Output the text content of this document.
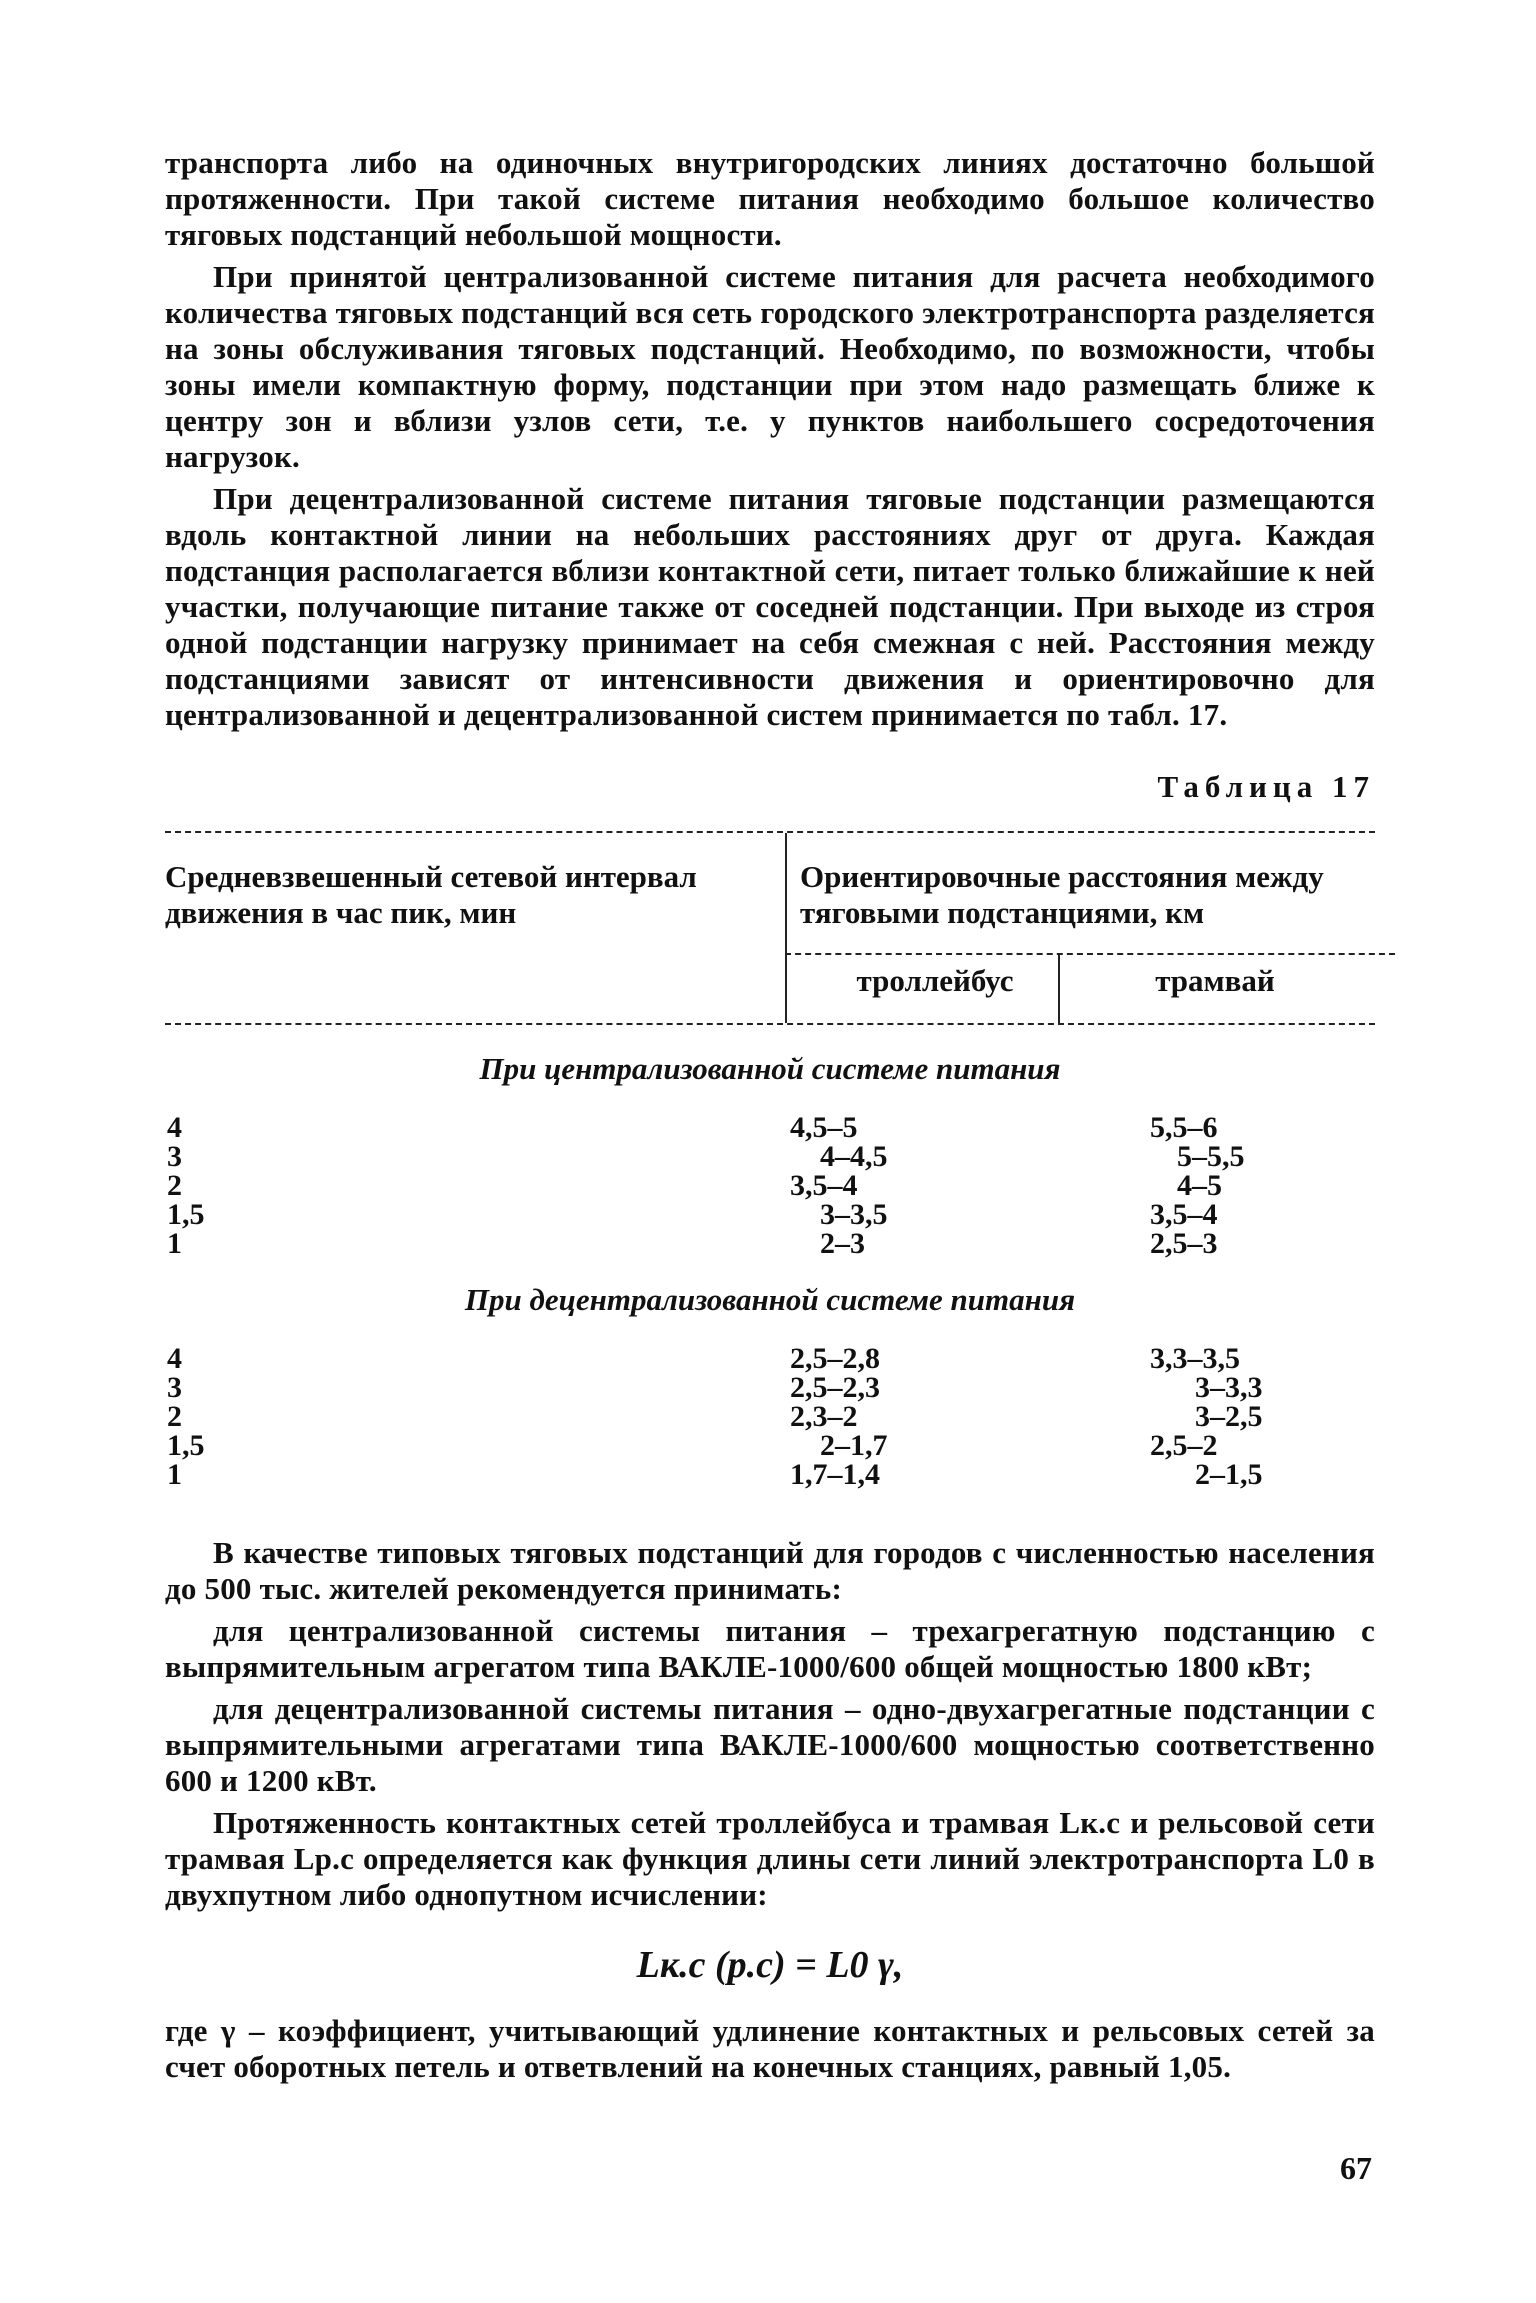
транспорта либо на одиночных внутригородских линиях достаточно большой протяженности. При такой системе питания необходимо большое количество тяговых подстанций небольшой мощности.

При принятой централизованной системе питания для расчета необходимого количества тяговых подстанций вся сеть городского электротранспорта разделяется на зоны обслуживания тяговых подстанций. Необходимо, по возможности, чтобы зоны имели компактную форму, подстанции при этом надо размещать ближе к центру зон и вблизи узлов сети, т.е. у пунктов наибольшего сосредоточения нагрузок.

При децентрализованной системе питания тяговые подстанции размещаются вдоль контактной линии на небольших расстояниях друг от друга. Каждая подстанция располагается вблизи контактной сети, питает только ближайшие к ней участки, получающие питание также от соседней подстанции. При выходе из строя одной подстанции нагрузку принимает на себя смежная с ней. Расстояния между подстанциями зависят от интенсивности движения и ориентировочно для централизованной и децентрализованной систем принимается по табл. 17.

Таблица 17
Средневзвешенный сетевой интервал движения в час пик, мин
Ориентировочные расстояния между тяговыми подстанциями, км
троллейбус	трамвай
При централизованной системе питания
4	4,5–5	5,5–6
3	4–4,5	5–5,5
2	3,5–4	4–5
1,5	3–3,5	3,5–4
1	2–3	2,5–3
При децентрализованной системе питания
4	2,5–2,8	3,3–3,5
3	2,5–2,3	3–3,3
2	2,3–2	3–2,5
1,5	2–1,7	2,5–2
1	1,7–1,4	2–1,5

В качестве типовых тяговых подстанций для городов с численностью населения до 500 тыс. жителей рекомендуется принимать:

для централизованной системы питания – трехагрегатную подстанцию с выпрямительным агрегатом типа ВАКЛЕ-1000/600 общей мощностью 1800 кВт;

для децентрализованной системы питания – одно-двухагрегатные подстанции с выпрямительными агрегатами типа ВАКЛЕ-1000/600 мощностью соответственно 600 и 1200 кВт.

Протяженность контактных сетей троллейбуса и трамвая Lк.с и рельсовой сети трамвая Lр.с определяется как функция длины сети линий электротранспорта L0 в двухпутном либо однопутном исчислении:

Lк.с (р.с) = L0 γ,

где γ – коэффициент, учитывающий удлинение контактных и рельсовых сетей за счет оборотных петель и ответвлений на конечных станциях, равный 1,05.

67
